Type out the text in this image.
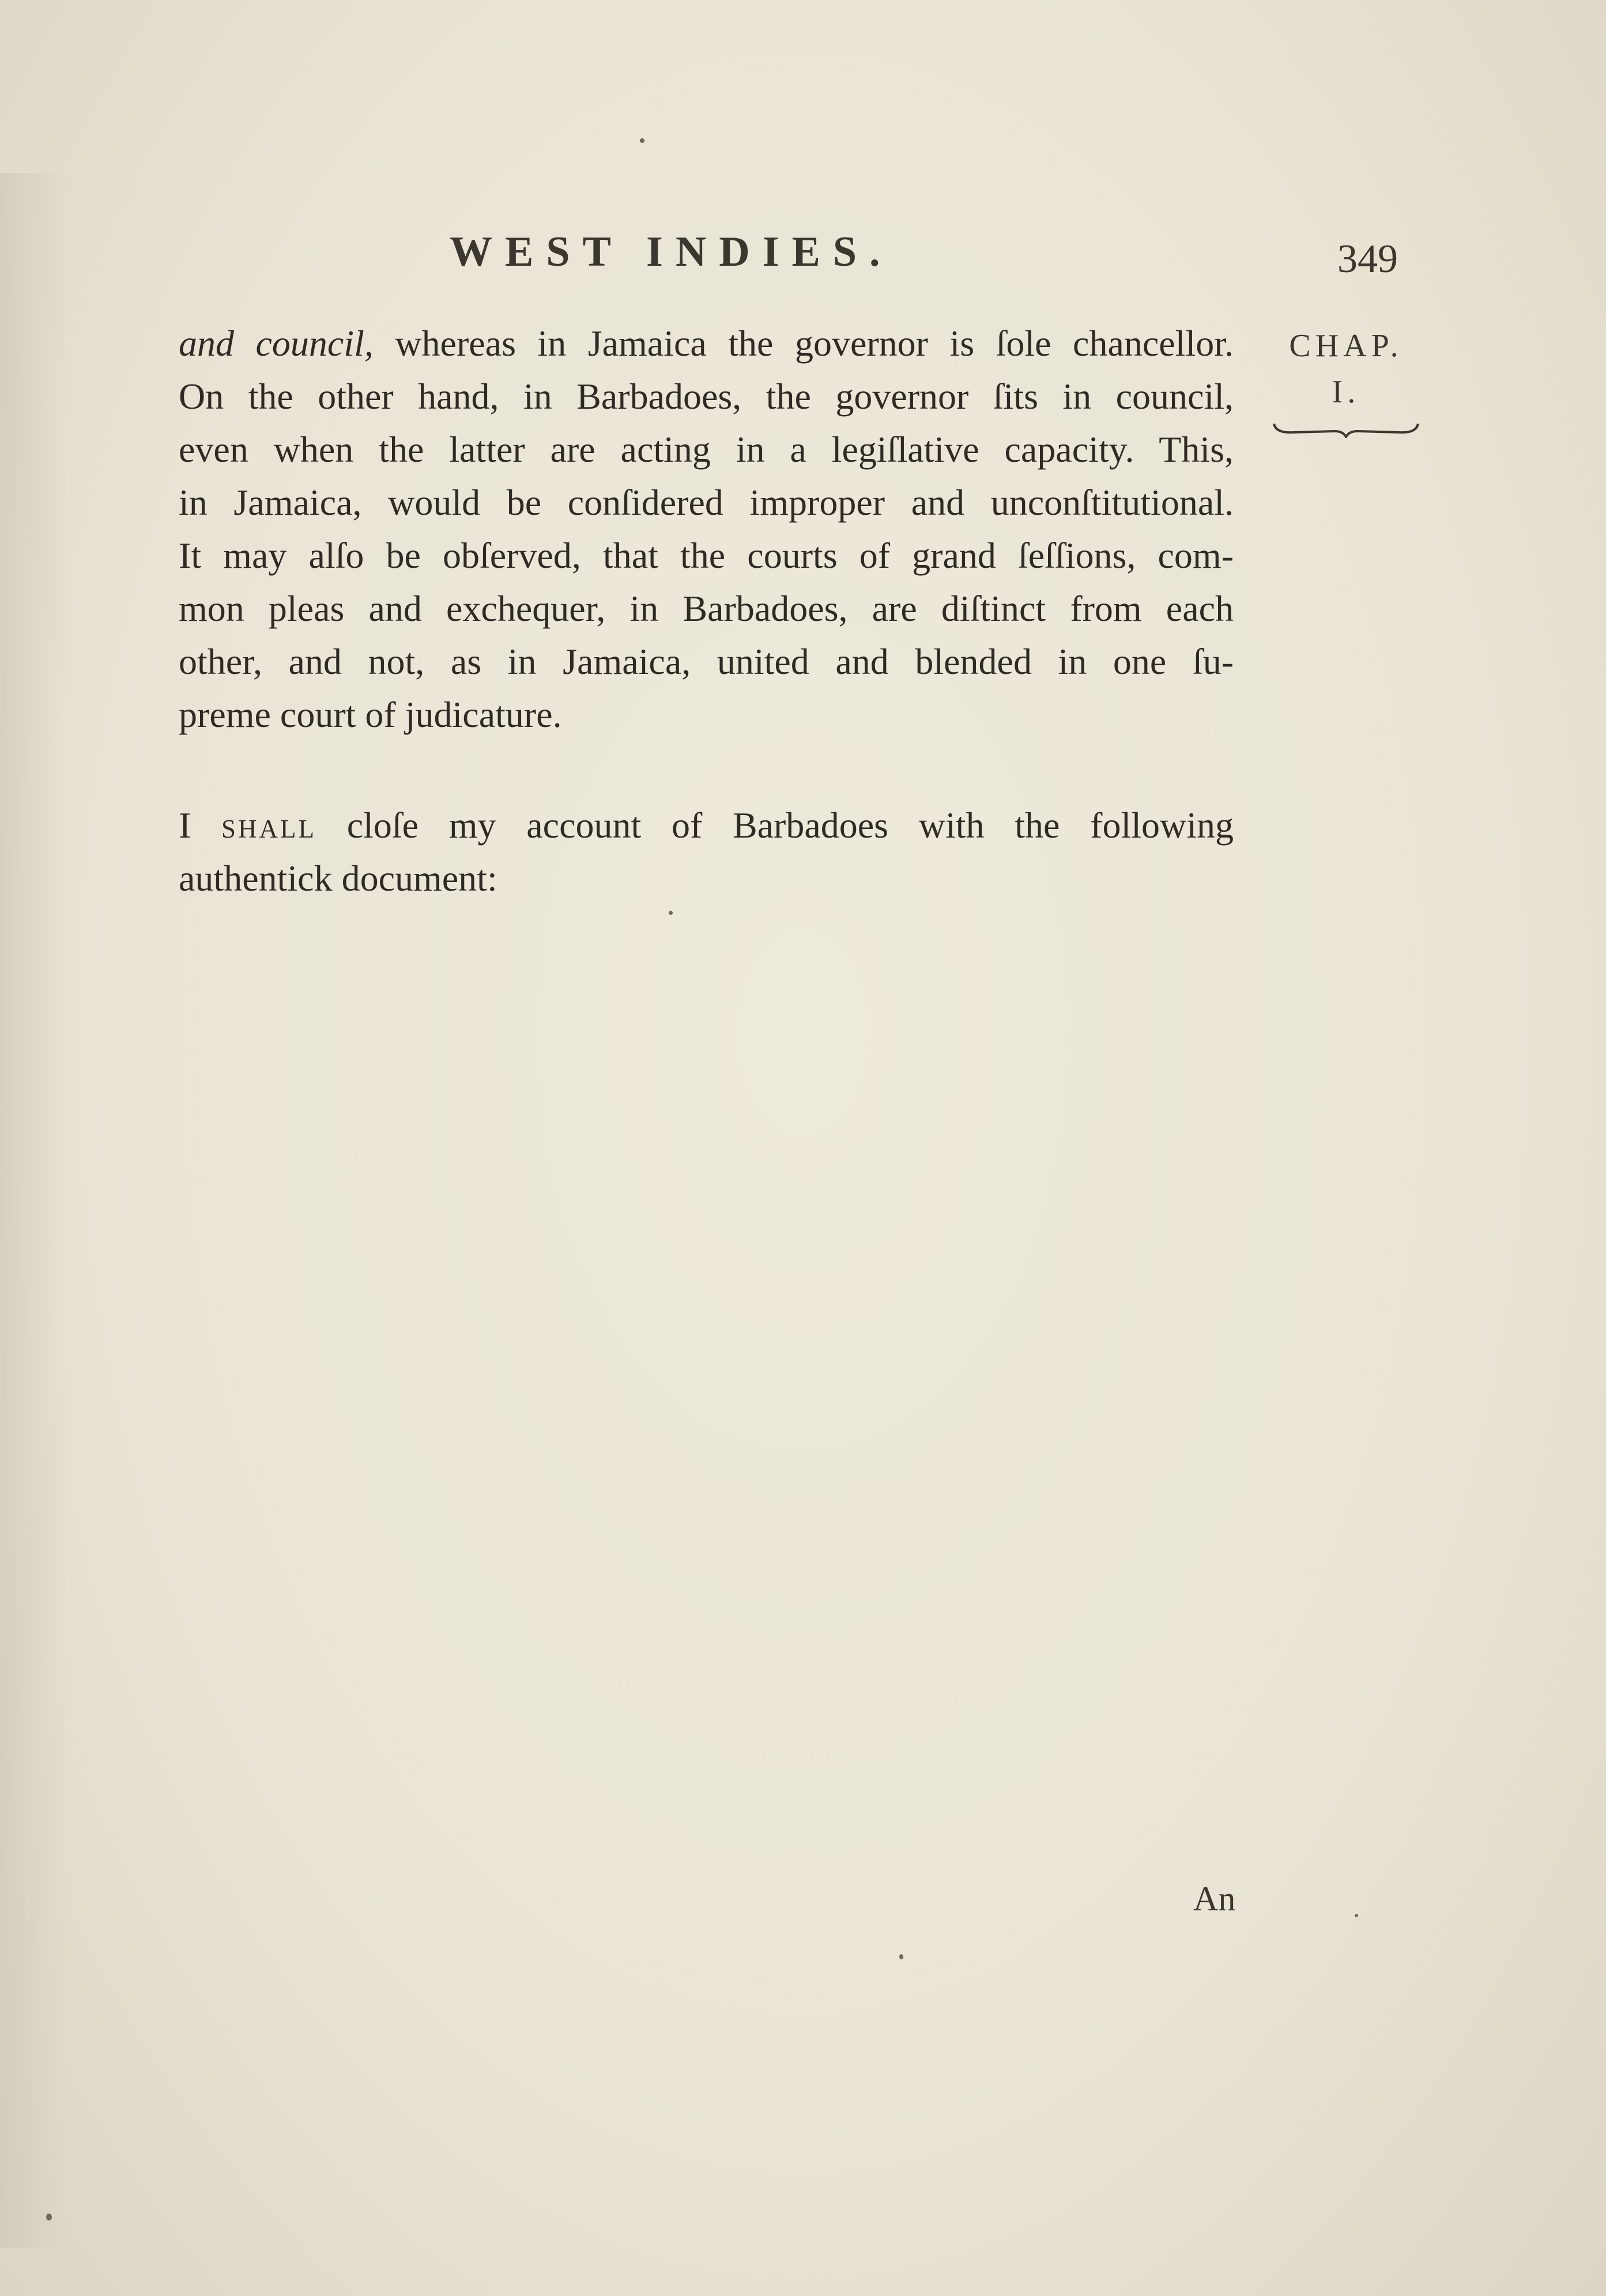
WEST INDIES.	349
CHAP.
I.
and council, whereas in Jamaica the governor is ſole chancellor.
On the other hand, in Barbadoes, the governor ſits in council,
even when the latter are acting in a legiſlative capacity. This,
in Jamaica, would be conſidered improper and unconſtitutional.
It may alſo be obſerved, that the courts of grand ſeſſions, com-
mon pleas and exchequer, in Barbadoes, are diſtinct from each
other, and not, as in Jamaica, united and blended in one ſu-
preme court of judicature.
I shall cloſe my account of Barbadoes with the following
authentick document:
An
